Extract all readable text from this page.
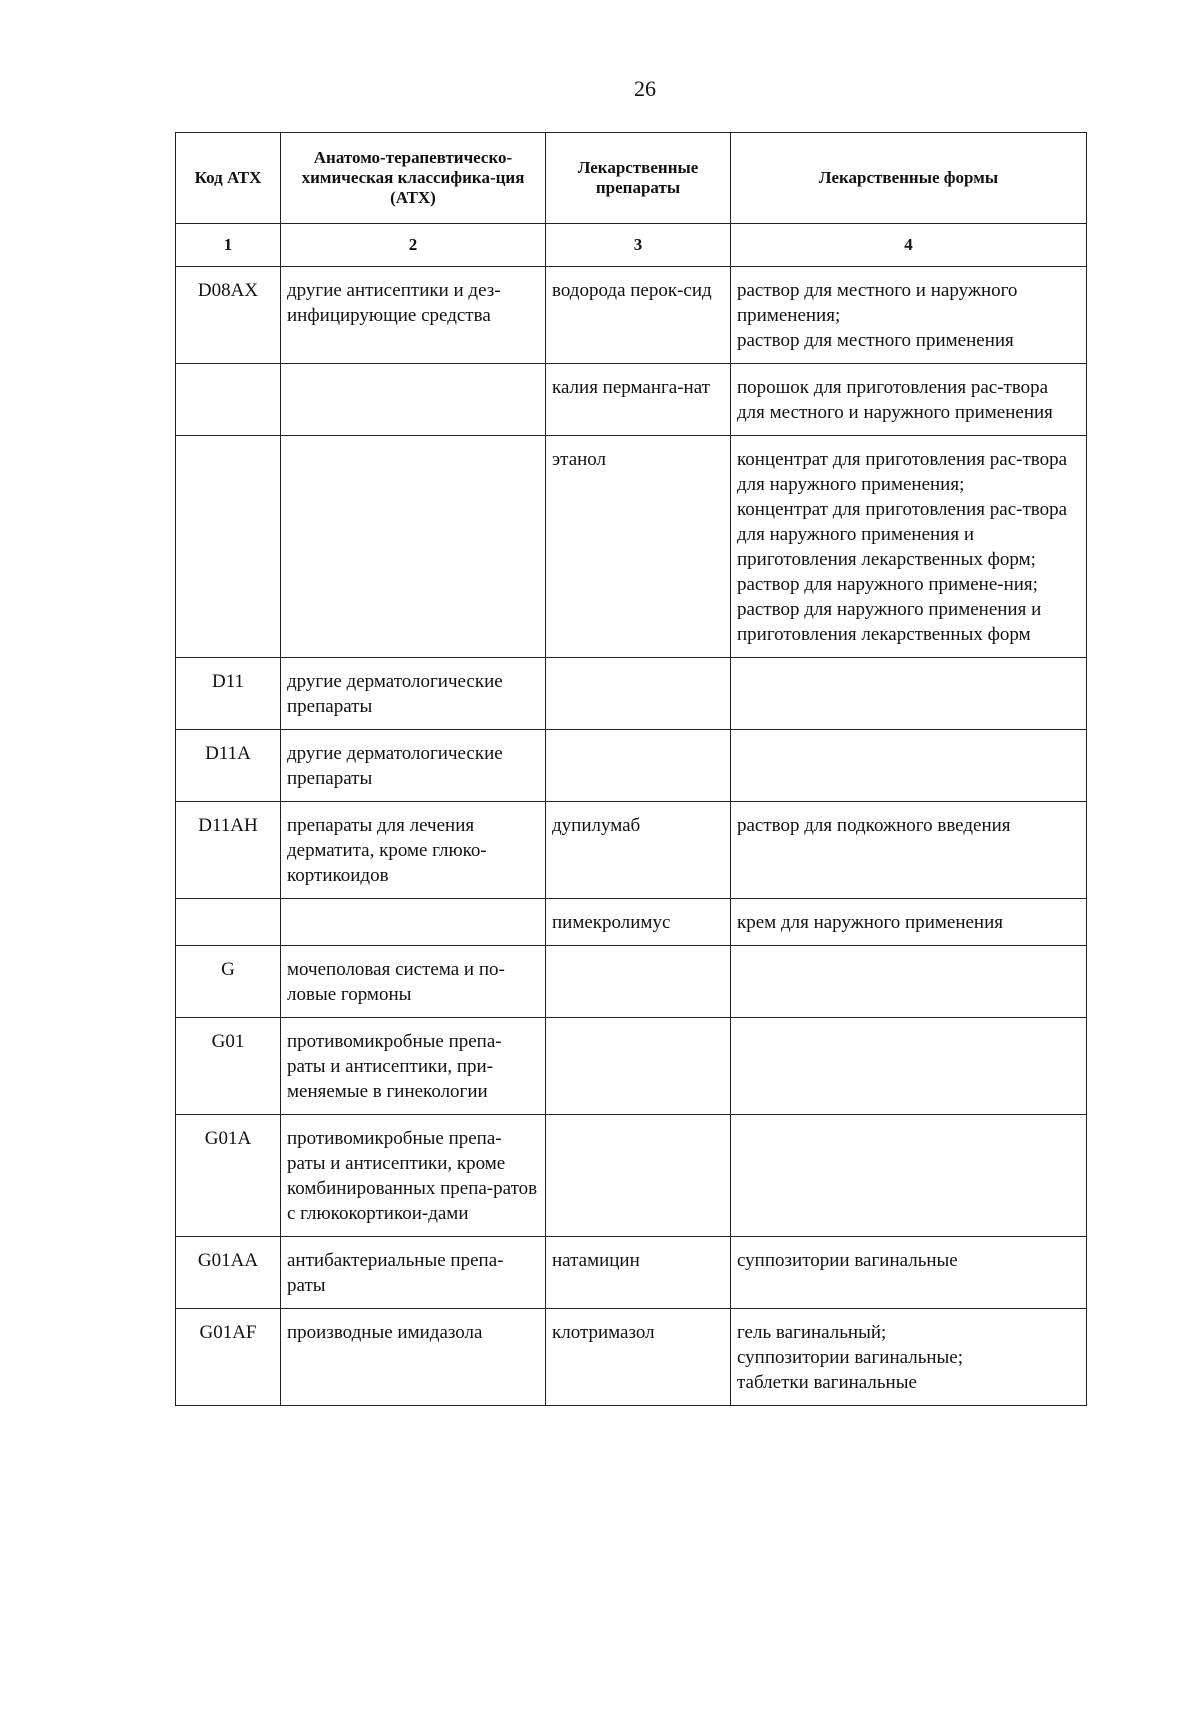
26
Код АТХ	Анатомо-терапевтическо-химическая классифика-ция (АТХ)	Лекарственные препараты	Лекарственные формы
1	2	3	4
D08AX	другие антисептики и дез-инфицирующие средства	водорода перок-сид	раствор для местного и наружного применения;
раствор для местного применения
		калия перманга-нат	порошок для приготовления рас-твора для местного и наружного применения
		этанол	концентрат для приготовления рас-твора для наружного применения;
концентрат для приготовления рас-твора для наружного применения и приготовления лекарственных форм;
раствор для наружного примене-ния;
раствор для наружного применения и приготовления лекарственных форм
D11	другие дерматологические препараты		
D11A	другие дерматологические препараты		
D11AH	препараты для лечения дерматита, кроме глюко-кортикоидов	дупилумаб	раствор для подкожного введения
		пимекролимус	крем для наружного применения
G	мочеполовая система и по-ловые гормоны		
G01	противомикробные препа-раты и антисептики, при-меняемые в гинекологии		
G01A	противомикробные препа-раты и антисептики, кроме комбинированных препа-ратов с глюкокортикои-дами		
G01AA	антибактериальные препа-раты	натамицин	суппозитории вагинальные
G01AF	производные имидазола	клотримазол	гель вагинальный;
суппозитории вагинальные;
таблетки вагинальные
